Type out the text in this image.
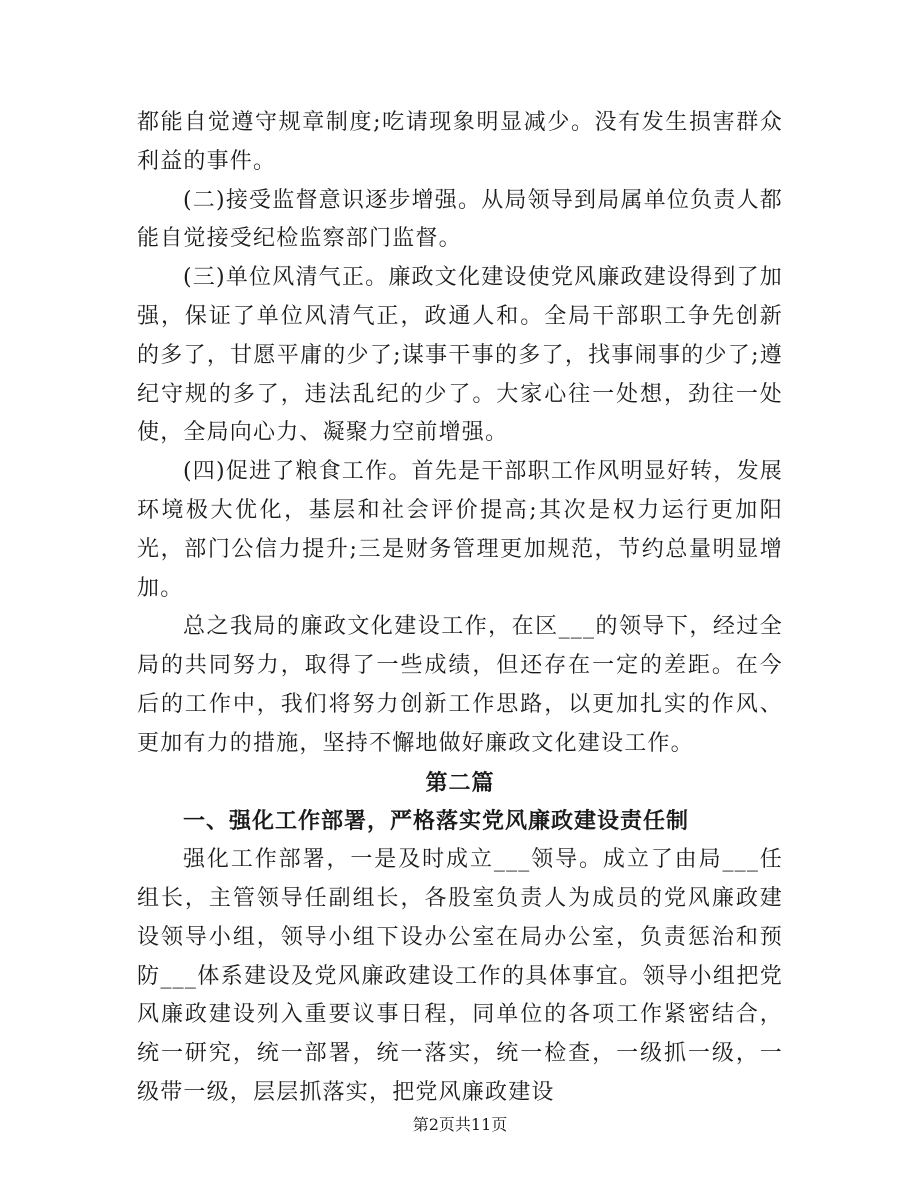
都能自觉遵守规章制度;吃请现象明显减少。没有发生损害群众利益的事件。

(二)接受监督意识逐步增强。从局领导到局属单位负责人都能自觉接受纪检监察部门监督。

(三)单位风清气正。廉政文化建设使党风廉政建设得到了加强，保证了单位风清气正，政通人和。全局干部职工争先创新的多了，甘愿平庸的少了;谋事干事的多了，找事闹事的少了;遵纪守规的多了，违法乱纪的少了。大家心往一处想，劲往一处使，全局向心力、凝聚力空前增强。

(四)促进了粮食工作。首先是干部职工作风明显好转，发展环境极大优化，基层和社会评价提高;其次是权力运行更加阳光，部门公信力提升;三是财务管理更加规范，节约总量明显增加。

总之我局的廉政文化建设工作，在区___的领导下，经过全局的共同努力，取得了一些成绩，但还存在一定的差距。在今后的工作中，我们将努力创新工作思路，以更加扎实的作风、更加有力的措施，坚持不懈地做好廉政文化建设工作。

第二篇

一、强化工作部署，严格落实党风廉政建设责任制

强化工作部署，一是及时成立___领导。成立了由局___任组长，主管领导任副组长，各股室负责人为成员的党风廉政建设领导小组，领导小组下设办公室在局办公室，负责惩治和预防___体系建设及党风廉政建设工作的具体事宜。领导小组把党风廉政建设列入重要议事日程，同单位的各项工作紧密结合，统一研究，统一部署，统一落实，统一检查，一级抓一级，一级带一级，层层抓落实，把党风廉政建设

第2页共11页
